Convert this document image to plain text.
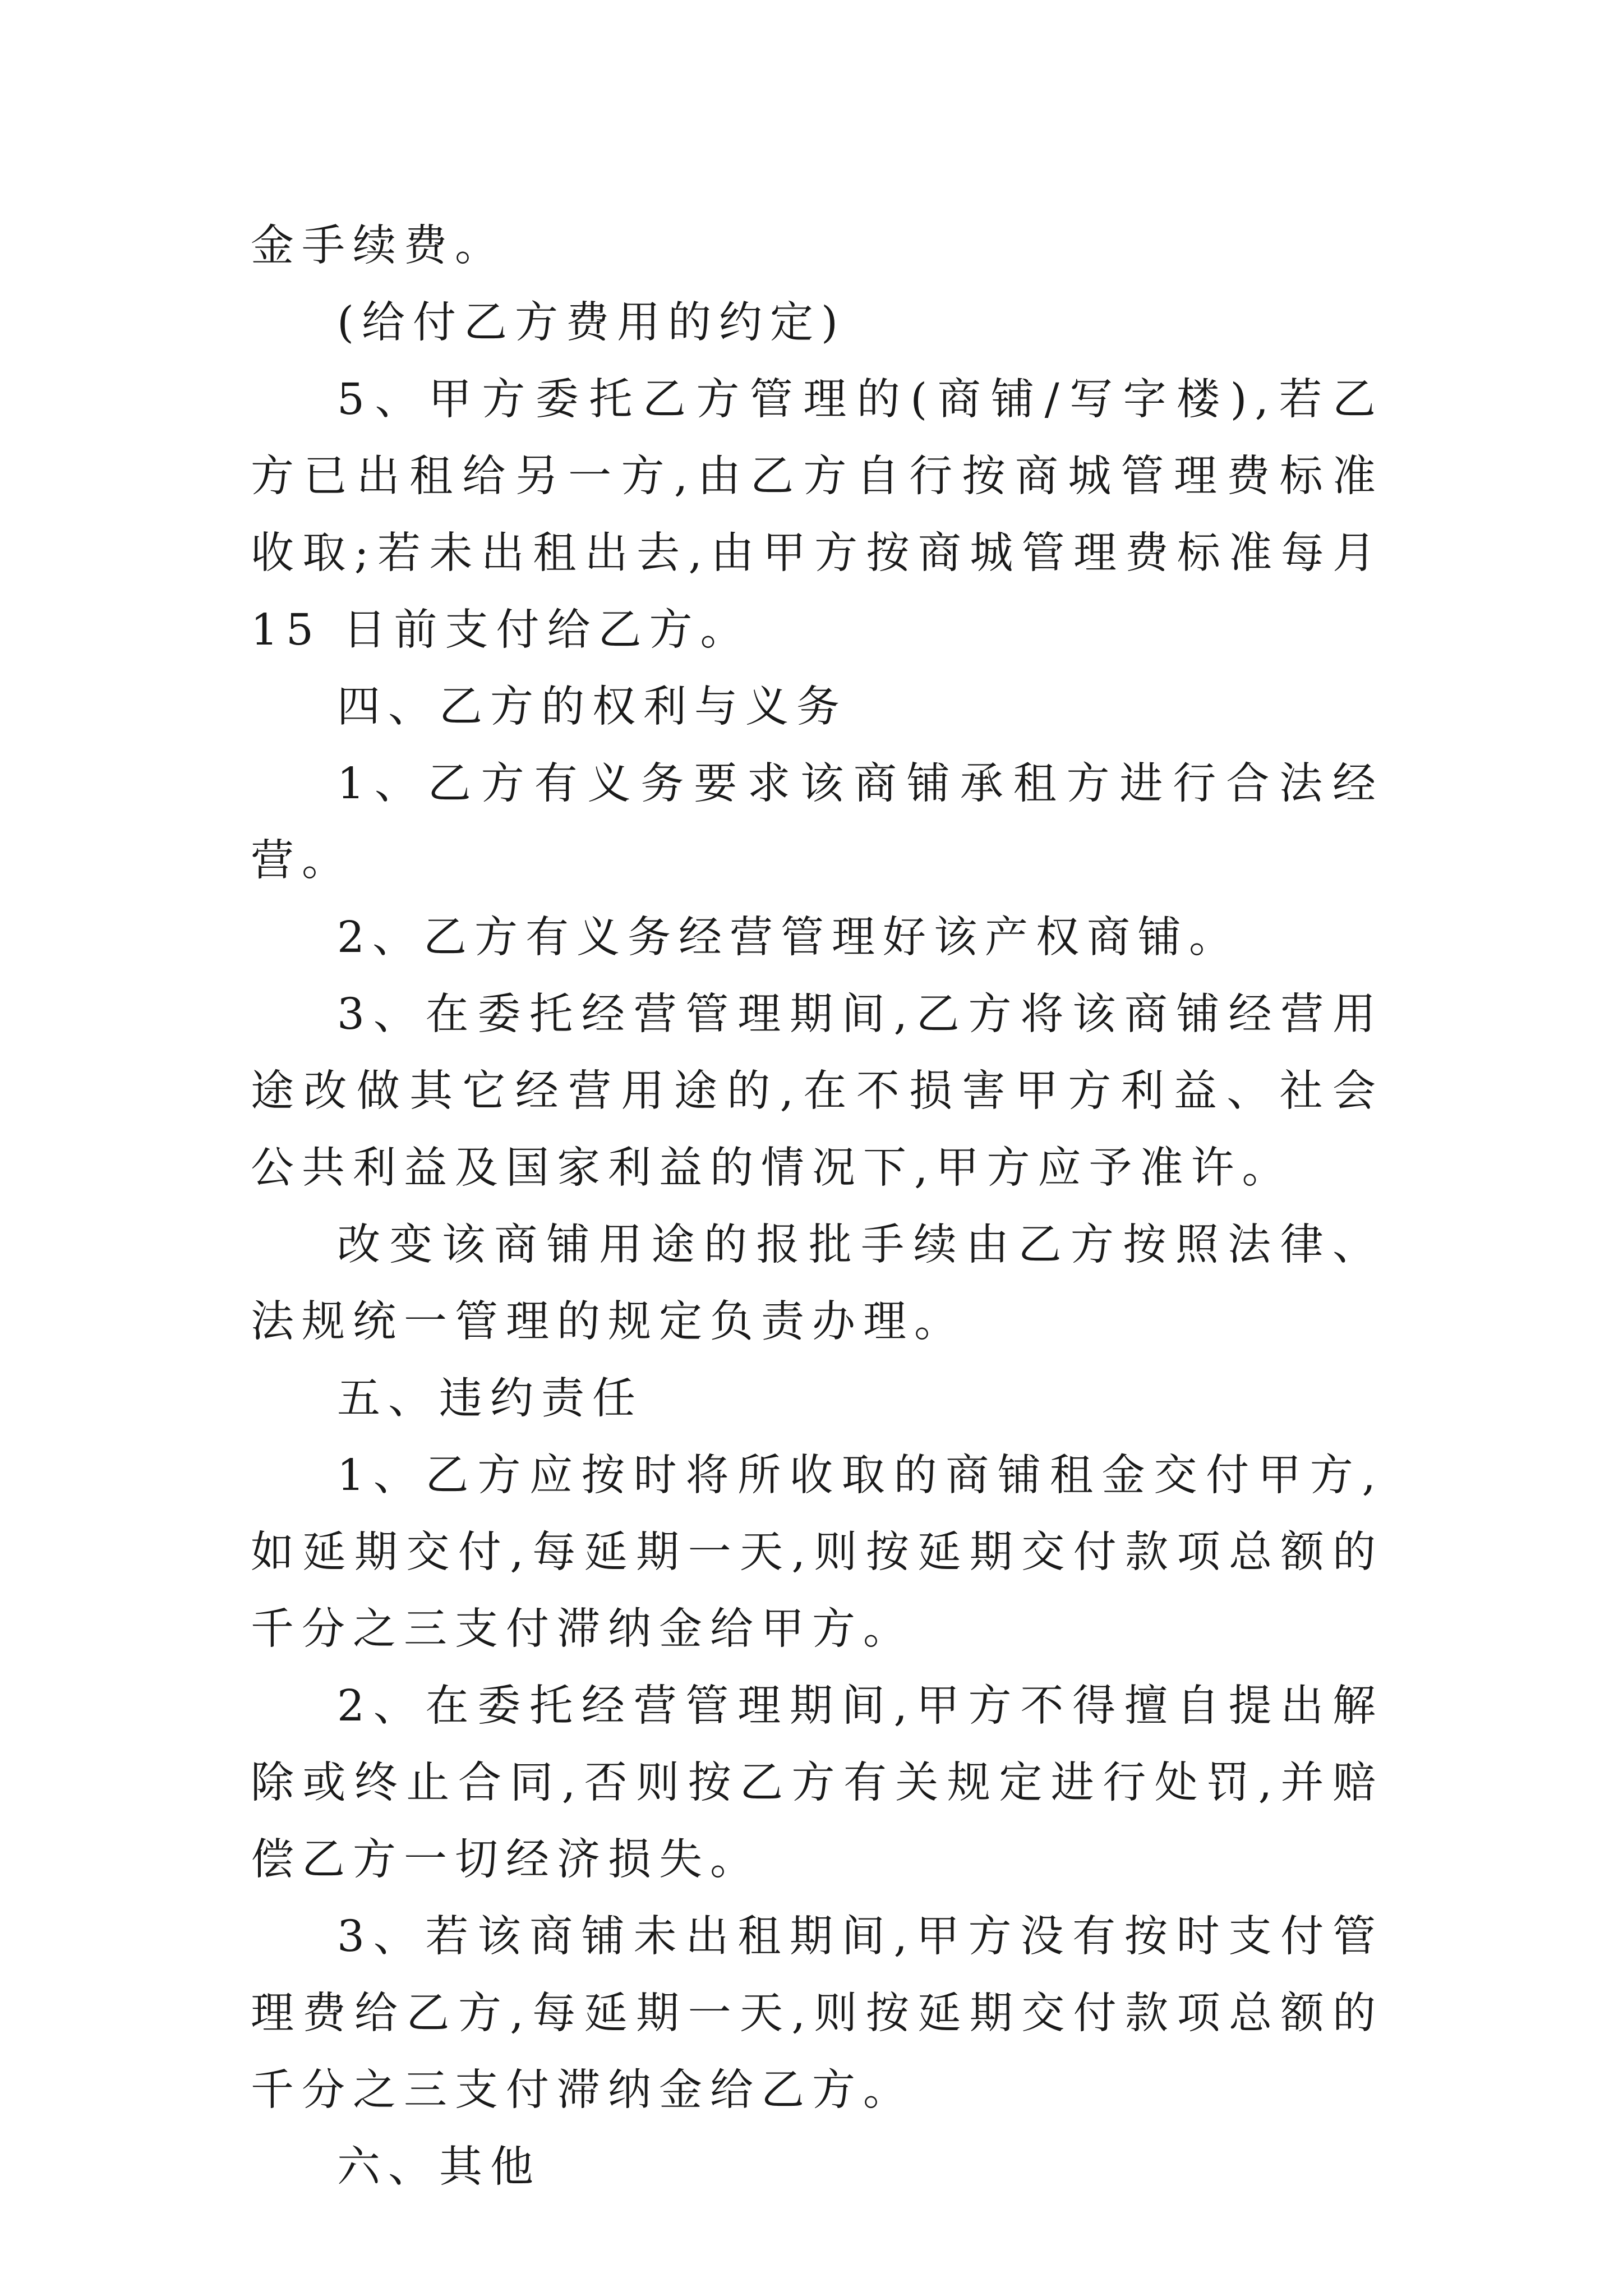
金手续费。

(给付乙方费用的约定)

5、甲方委托乙方管理的(商铺/写字楼),若乙方已出租给另一方,由乙方自行按商城管理费标准收取;若未出租出去,由甲方按商城管理费标准每月 15 日前支付给乙方。

四、乙方的权利与义务

1、乙方有义务要求该商铺承租方进行合法经营。

2、乙方有义务经营管理好该产权商铺。

3、在委托经营管理期间,乙方将该商铺经营用途改做其它经营用途的,在不损害甲方利益、社会公共利益及国家利益的情况下,甲方应予准许。

改变该商铺用途的报批手续由乙方按照法律、法规统一管理的规定负责办理。

五、违约责任

1、乙方应按时将所收取的商铺租金交付甲方,如延期交付,每延期一天,则按延期交付款项总额的千分之三支付滞纳金给甲方。

2、在委托经营管理期间,甲方不得擅自提出解除或终止合同,否则按乙方有关规定进行处罚,并赔偿乙方一切经济损失。

3、若该商铺未出租期间,甲方没有按时支付管理费给乙方,每延期一天,则按延期交付款项总额的千分之三支付滞纳金给乙方。

六、其他
